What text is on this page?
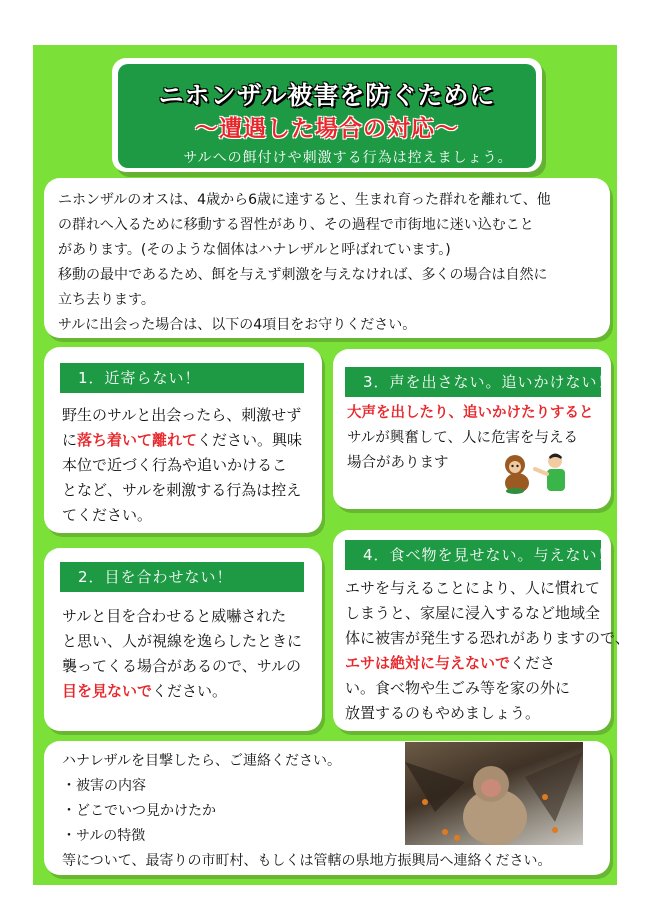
ニホンザル被害を防ぐために
～遭遇した場合の対応～
サルへの餌付けや刺激する行為は控えましょう。
ニホンザルのオスは、4歳から6歳に達すると、生まれ育った群れを離れて、他
の群れへ入るために移動する習性があり、その過程で市街地に迷い込むこと
があります。(そのような個体はハナレザルと呼ばれています。)
移動の最中であるため、餌を与えず刺激を与えなければ、多くの場合は自然に
立ち去ります。
サルに出会った場合は、以下の4項目をお守りください。
1．近寄らない！
野生のサルと出会ったら、刺激せず
に落ち着いて離れてください。興味
本位で近づく行為や追いかけるこ
となど、サルを刺激する行為は控え
てください。
2．目を合わせない！
サルと目を合わせると威嚇された
と思い、人が視線を逸らしたときに
襲ってくる場合があるので、サルの
目を見ないでください。
3．声を出さない。追いかけない！
大声を出したり、追いかけたりすると
サルが興奮して、人に危害を与える
場合があります
4．食べ物を見せない。与えない！
エサを与えることにより、人に慣れて
しまうと、家屋に浸入するなど地域全
体に被害が発生する恐れがありますので、
エサは絶対に与えないでくださ
い。食べ物や生ごみ等を家の外に
放置するのもやめましょう。
ハナレザルを目撃したら、ご連絡ください。
・被害の内容
・どこでいつ見かけたか
・サルの特徴
等について、最寄りの市町村、もしくは管轄の県地方振興局へ連絡ください。
